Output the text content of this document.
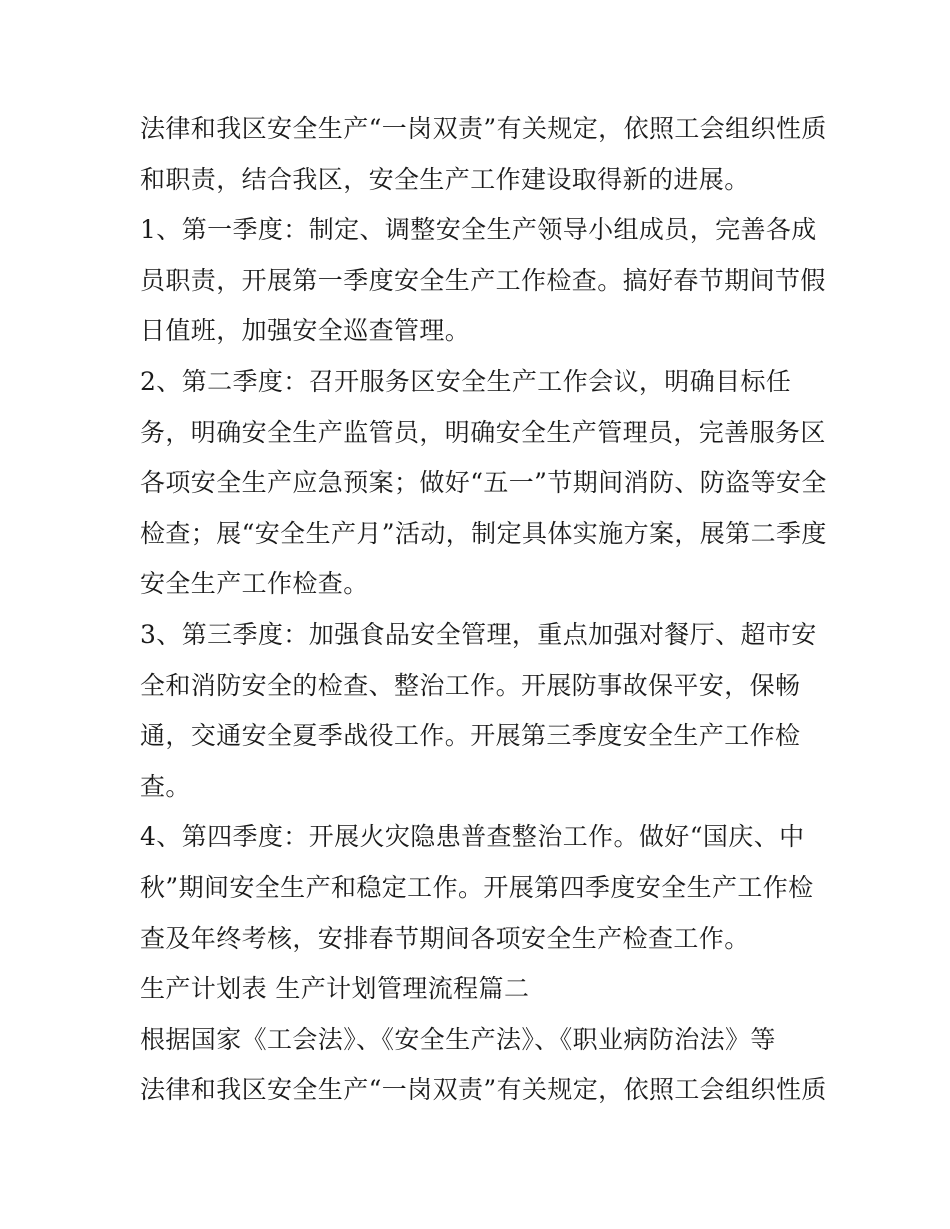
法律和我区安全生产“一岗双责”有关规定，依照工会组织性质
和职责，结合我区，安全生产工作建设取得新的进展。

1、第一季度：制定、调整安全生产领导小组成员，完善各成
员职责，开展第一季度安全生产工作检查。搞好春节期间节假
日值班，加强安全巡查管理。

2、第二季度：召开服务区安全生产工作会议，明确目标任
务，明确安全生产监管员，明确安全生产管理员，完善服务区
各项安全生产应急预案；做好“五一”节期间消防、防盗等安全
检查；展“安全生产月”活动，制定具体实施方案，展第二季度
安全生产工作检查。

3、第三季度：加强食品安全管理，重点加强对餐厅、超市安
全和消防安全的检查、整治工作。开展防事故保平安，保畅
通，交通安全夏季战役工作。开展第三季度安全生产工作检
查。

4、第四季度：开展火灾隐患普查整治工作。做好“国庆、中
秋”期间安全生产和稳定工作。开展第四季度安全生产工作检
查及年终考核，安排春节期间各项安全生产检查工作。

生产计划表 生产计划管理流程篇二

根据国家《工会法》、《安全生产法》、《职业病防治法》等
法律和我区安全生产“一岗双责”有关规定，依照工会组织性质
